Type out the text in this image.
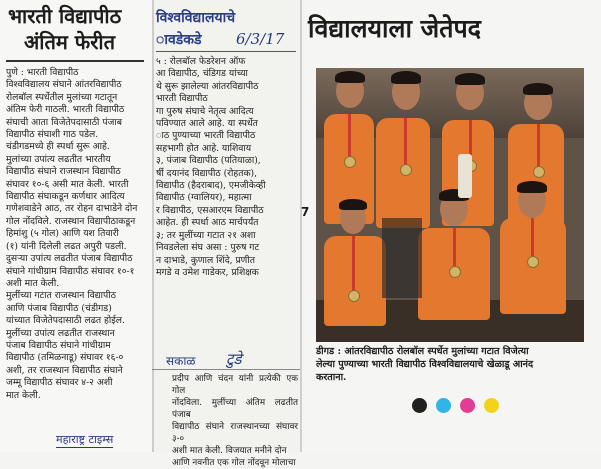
भारती विद्यापीठ
अंतिम फेरीत
पुणे : भारती विद्यापीठ
विश्वविद्यालय संघाने आंतरविद्यापीठ
रोलबॉल स्पर्धेतील मुलांच्या गटातून
अंतिम फेरी गाठली. भारती विद्यापीठ
संघाची आता विजेतेपदासाठी पंजाब
विद्यापीठ संघाशी गाठ पडेल.
चंडीगडमध्ये ही स्पर्धा सुरू आहे.
मुलांच्या उपांत्य लढतीत भारतीय
विद्यापीठ संघाने राजस्थान विद्यापीठ
संघावर १०-६ असी मात केली. भारती
विद्यापीठ संघाकडून कर्णधार आदित्य
गणेशवाडेने आठ, तर रोहन दाभाडेने दोन
गोल नोंदविले. राजस्थान विद्यापीठाकडून
हिमांशु (५ गोल) आणि यश तिवारी
(१) यांनी दिलेली लढत अपुरी पडली.
दुसऱ्या उपांत्य लढतीत पंजाब विद्यापीठ
संघाने गांधीग्राम विद्यापीठ संघावर १०-१
अशी मात केली.
मुलींच्या गटात राजस्थान विद्यापीठ
आणि पंजाब विद्यापीठ (चंडीगड)
यांच्यात विजेतेपदासाठी लढत होईल.
मुलींच्या उपांत्य लढतीत राजस्थान
पंजाब विद्यापीठ संघाने गांधीग्राम
विद्यापीठ (तमिळनाडू) संघावर १६-०
अशी, तर राजस्थान विद्यापीठ संघाने
जम्मू विद्यापीठ संघावर ४-२ अशी
मात केली.
महाराष्ट्र टाइम्स
विश्वविद्यालयाचे
ावडेकडे 6/3/17
५ : रोलबॉल फेडरेशन ऑफ
आ विद्यापीठ, चंडिगड यांच्या
थे सुरू झालेल्या आंतरविद्यापीठ
भारती विद्यापीठ
गा पुरुष संघाचे नेतृत्व आदित्य
पविण्यात आले आहे. या स्पर्धेत
ाठ पुण्याच्या भारती विद्यापीठ
सहभागी होत आहे. याशिवाय
३, पंजाब विद्यापीठ (पतियाळा),
र्षी दयानंद विद्यापीठ (रोहतक),
विद्यापीठ (हैदराबाद), एमजीकेव्ही
विद्यापीठ (ग्वालियर), महात्मा
र विद्यापीठ, एसआरएम विद्यापीठ
आहेत. ही स्पर्धा आठ मार्चपर्यंत
३; तर मुलींच्या गटात २१ अशा
निवडलेला संघ असा : पुरुष गट
न दाभाडे, कुणाल शिंदे, प्रणीत
मगडे व उमेश गाडेकर, प्रशिक्षक
सकाळ टुडे
प्रदीप आणि चंदन यांनी प्रत्येकी एक गोल
नोंदविला. मुलींच्या अंतिम लढतीत पंजाब
विद्यापीठ संघाने राजस्थानच्या संघावर ३-०
अशी मात केली. विजयात मनीने दोन
आणि नवनीत एक गोल नोंदवून मोलाचा
विद्यालयाला जेतेपद
7
डीगड : आंतरविद्यापीठ रोलबॉल स्पर्धेत मुलांच्या गटात विजेत्या
लेल्या पुण्याच्या भारती विद्यापीठ विश्वविद्यालयाचे खेळाडू आनंद
करताना.
